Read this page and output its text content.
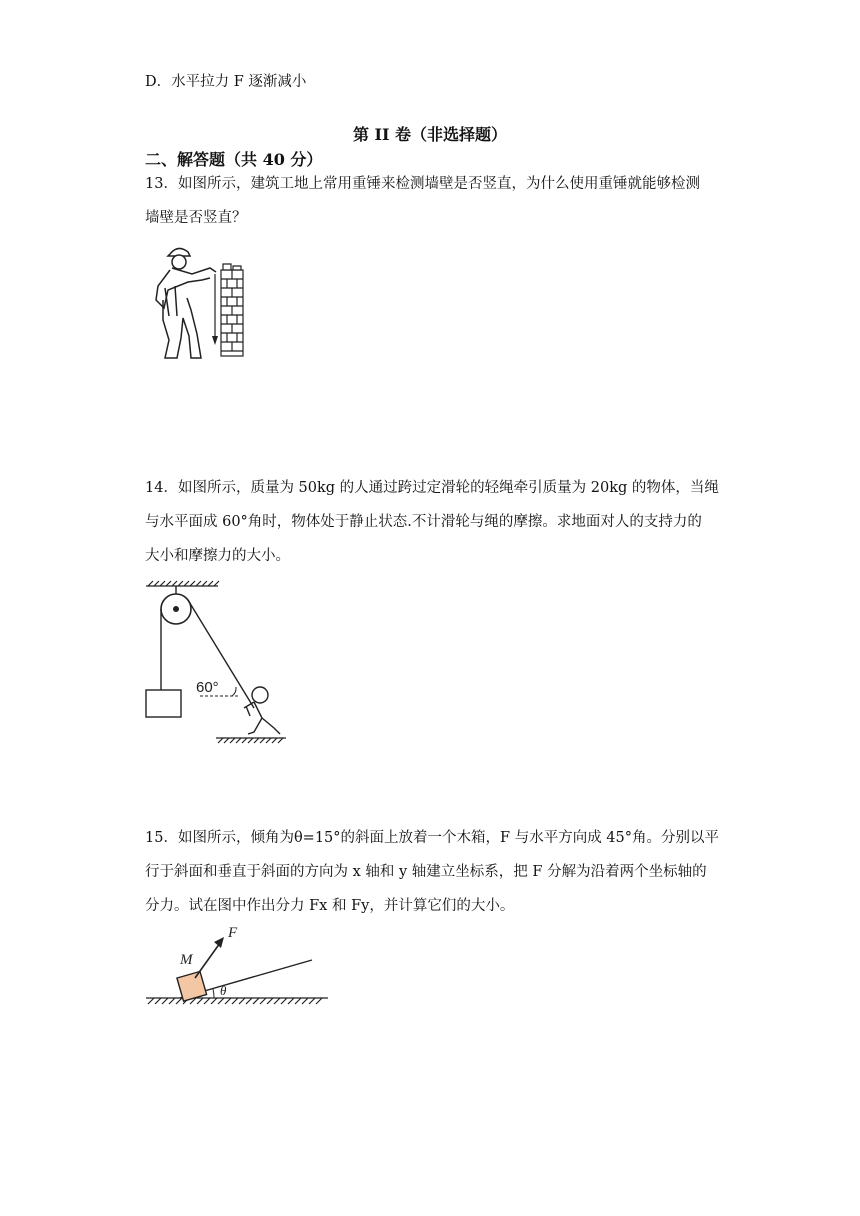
D．水平拉力 F 逐渐减小
第 II 卷（非选择题）
二、解答题（共 40 分）
13．如图所示，建筑工地上常用重锤来检测墙壁是否竖直，为什么使用重锤就能够检测
墙壁是否竖直？
14．如图所示，质量为 50kg 的人通过跨过定滑轮的轻绳牵引质量为 20kg 的物体，当绳
与水平面成 60°角时，物体处于静止状态.不计滑轮与绳的摩擦。求地面对人的支持力的
大小和摩擦力的大小。
60°
15．如图所示，倾角为θ=15°的斜面上放着一个木箱，F 与水平方向成 45°角。分别以平
行于斜面和垂直于斜面的方向为 x 轴和 y 轴建立坐标系，把 F 分解为沿着两个坐标轴的
分力。试在图中作出分力 Fx 和 Fy，并计算它们的大小。
F
M
θ
